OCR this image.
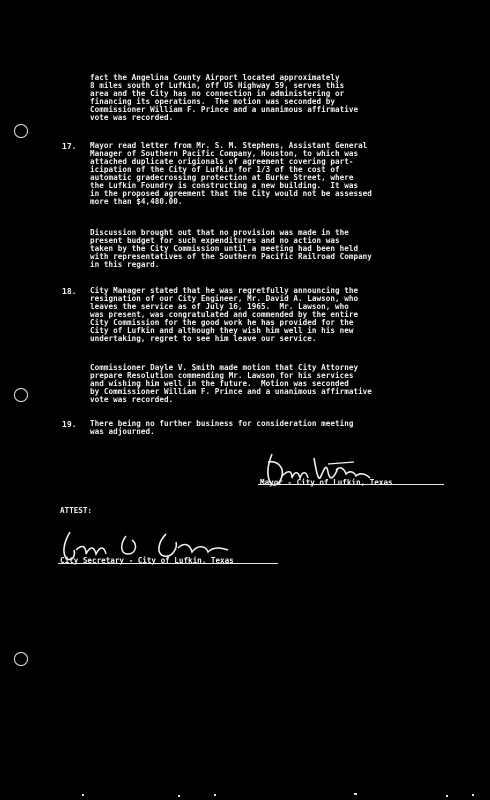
fact the Angelina County Airport located approximately
8 miles south of Lufkin, off US Highway 59, serves this
area and the City has no connection in administering or
financing its operations.  The motion was seconded by
Commissioner William F. Prince and a unanimous affirmative
vote was recorded.
17. Mayor read letter from Mr. S. M. Stephens, Assistant General
Manager of Southern Pacific Company, Houston, to which was
attached duplicate origionals of agreement covering part-
icipation of the City of Lufkin for 1/3 of the cost of
automatic gradecrossing protection at Burke Street, where
the Lufkin Foundry is constructing a new building.  It was
in the proposed agreement that the City would not be assessed
more than $4,480.00.
Discussion brought out that no provision was made in the
present budget for such expenditures and no action was
taken by the City Commission until a meeting had been held
with representatives of the Southern Pacific Railroad Company
in this regard.
18. City Manager stated that he was regretfully announcing the
resignation of our City Engineer, Mr. David A. Lawson, who
leaves the service as of July 16, 1965.  Mr. Lawson, who
was present, was congratulated and commended by the entire
City Commission for the good work he has provided for the
City of Lufkin and although they wish him well in his new
undertaking, regret to see him leave our service.
Commissioner Dayle V. Smith made motion that City Attorney
prepare Resolution commending Mr. Lawson for his services
and wishing him well in the future.  Motion was seconded
by Commissioner William F. Prince and a unanimous affirmative
vote was recorded.
19. There being no further business for consideration meeting
was adjourned.
Mayor - City of Lufkin, Texas
ATTEST:
City Secretary - City of Lufkin, Texas
